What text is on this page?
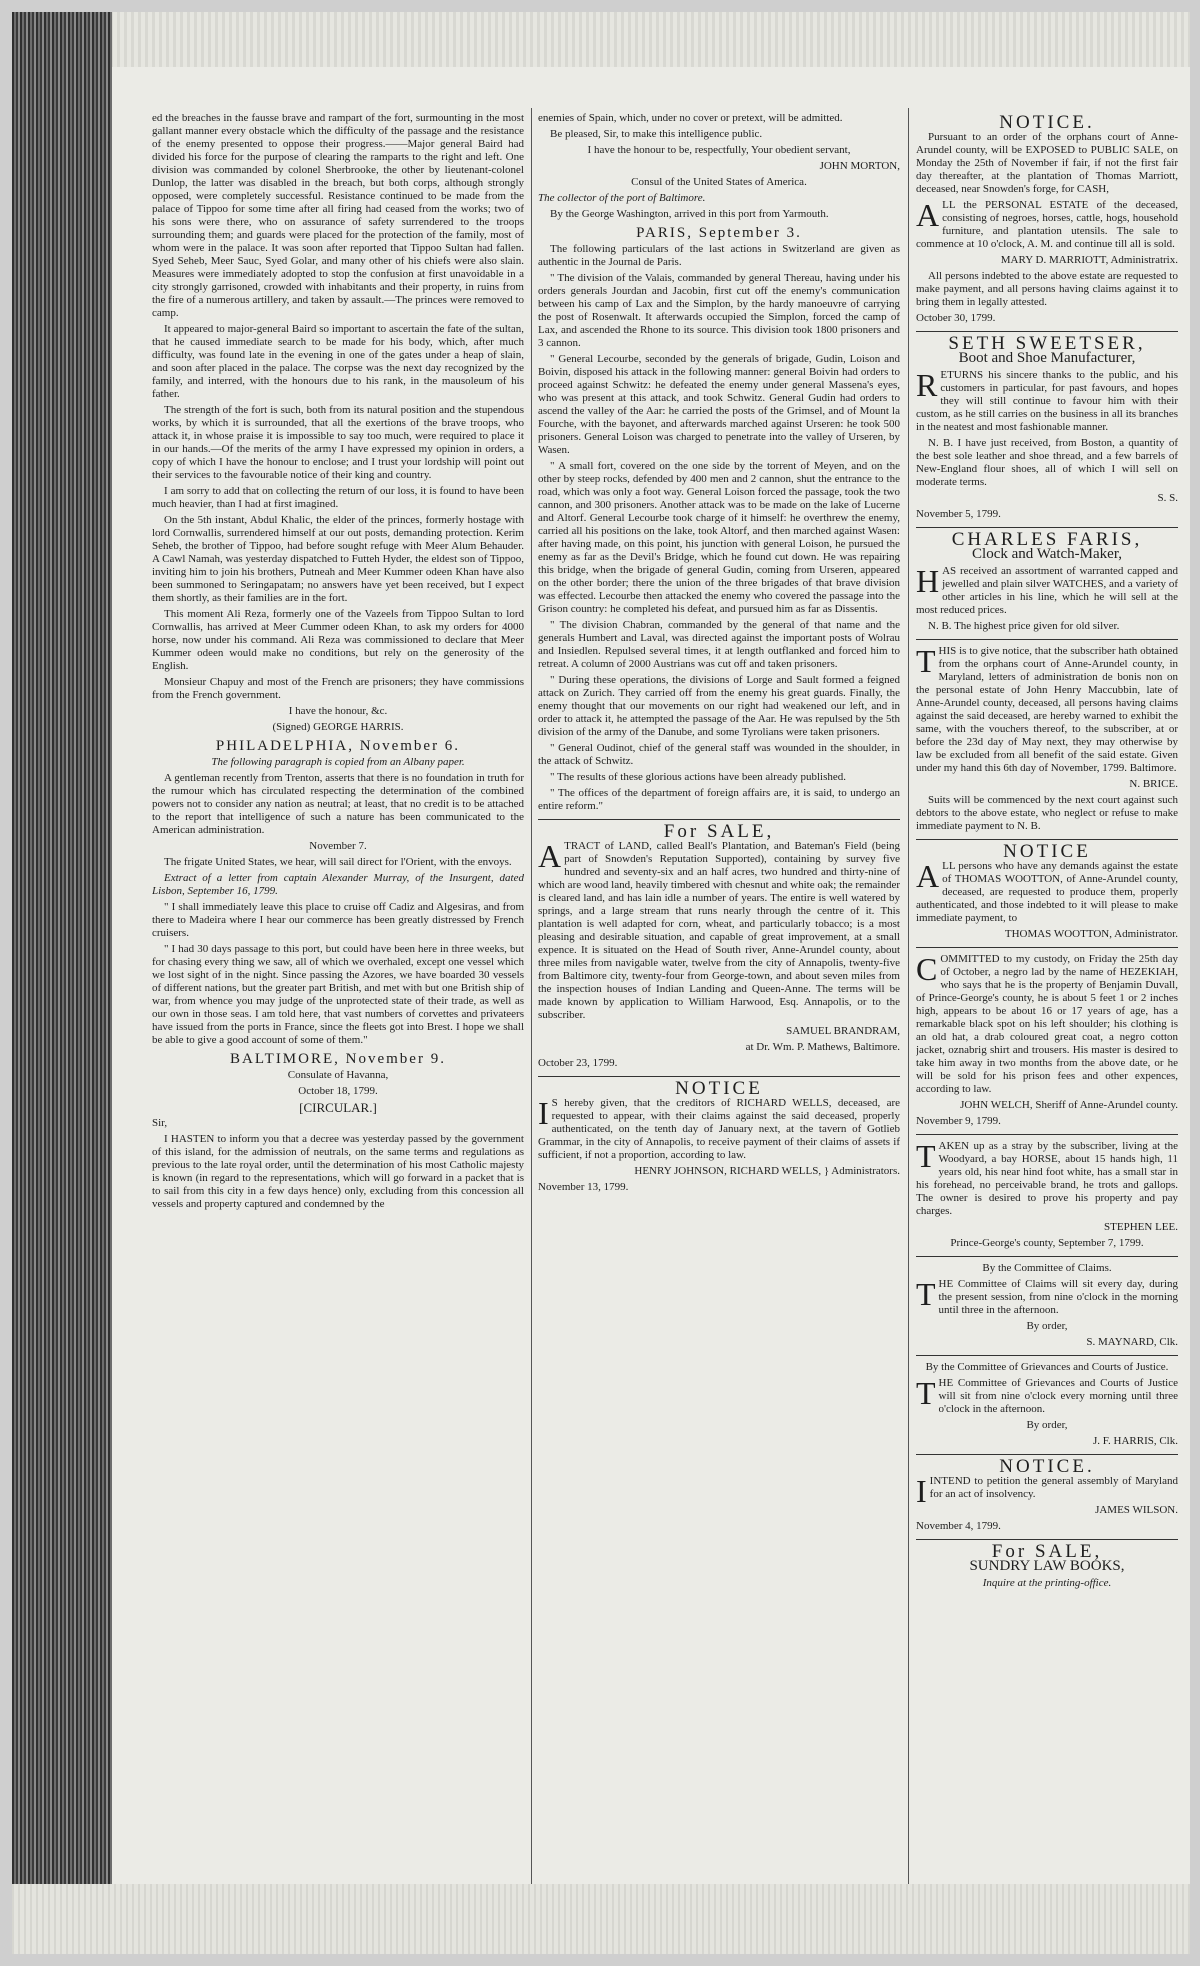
ed the breaches in the fausse brave and rampart of the fort, surmounting in the most gallant manner every obstacle which the difficulty of the passage and the resistance of the enemy presented to oppose their progress.——Major general Baird had divided his force for the purpose of clearing the ramparts to the right and left. One division was commanded by colonel Sherbrooke, the other by lieutenant-colonel Dunlop, the latter was disabled in the breach, but both corps, although strongly opposed, were completely successful. Resistance continued to be made from the palace of Tippoo for some time after all firing had ceased from the works; two of his sons were there, who on assurance of safety surrendered to the troops surrounding them; and guards were placed for the protection of the family, most of whom were in the palace. It was soon after reported that Tippoo Sultan had fallen. Syed Seheb, Meer Sauc, Syed Golar, and many other of his chiefs were also slain. Measures were immediately adopted to stop the confusion at first unavoidable in a city strongly garrisoned, crowded with inhabitants and their property, in ruins from the fire of a numerous artillery, and taken by assault.—The princes were removed to camp.

It appeared to major-general Baird so important to ascertain the fate of the sultan, that he caused immediate search to be made for his body, which, after much difficulty, was found late in the evening in one of the gates under a heap of slain, and soon after placed in the palace. The corpse was the next day recognized by the family, and interred, with the honours due to his rank, in the mausoleum of his father.

The strength of the fort is such, both from its natural position and the stupendous works, by which it is surrounded, that all the exertions of the brave troops, who attack it, in whose praise it is impossible to say too much, were required to place it in our hands.—Of the merits of the army I have expressed my opinion in orders, a copy of which I have the honour to enclose; and I trust your lordship will point out their services to the favourable notice of their king and country.

I am sorry to add that on collecting the return of our loss, it is found to have been much heavier, than I had at first imagined.

On the 5th instant, Abdul Khalic, the elder of the princes, formerly hostage with lord Cornwallis, surrendered himself at our out posts, demanding protection. Kerim Seheb, the brother of Tippoo, had before sought refuge with Meer Alum Behauder. A Cawl Namah, was yesterday dispatched to Futteh Hyder, the eldest son of Tippoo, inviting him to join his brothers, Putneah and Meer Kummer odeen Khan have also been summoned to Seringapatam; no answers have yet been received, but I expect them shortly, as their families are in the fort.

This moment Ali Reza, formerly one of the Vazeels from Tippoo Sultan to lord Cornwallis, has arrived at Meer Cummer odeen Khan, to ask my orders for 4000 horse, now under his command. Ali Reza was commissioned to declare that Meer Kummer odeen would make no conditions, but rely on the generosity of the English.

Monsieur Chapuy and most of the French are prisoners; they have commissions from the French government.

I have the honour, &c.

(Signed) GEORGE HARRIS.

PHILADELPHIA, November 6.

The following paragraph is copied from an Albany paper.

A gentleman recently from Trenton, asserts that there is no foundation in truth for the rumour which has circulated respecting the determination of the combined powers not to consider any nation as neutral; at least, that no credit is to be attached to the report that intelligence of such a nature has been communicated to the American administration.

November 7.

The frigate United States, we hear, will sail direct for l'Orient, with the envoys.

Extract of a letter from captain Alexander Murray, of the Insurgent, dated Lisbon, September 16, 1799.

" I shall immediately leave this place to cruise off Cadiz and Algesiras, and from there to Madeira where I hear our commerce has been greatly distressed by French cruisers.

" I had 30 days passage to this port, but could have been here in three weeks, but for chasing every thing we saw, all of which we overhaled, except one vessel which we lost sight of in the night. Since passing the Azores, we have boarded 30 vessels of different nations, but the greater part British, and met with but one British ship of war, from whence you may judge of the unprotected state of their trade, as well as our own in those seas. I am told here, that vast numbers of corvettes and privateers have issued from the ports in France, since the fleets got into Brest. I hope we shall be able to give a good account of some of them."

BALTIMORE, November 9.

Consulate of Havanna,

October 18, 1799.

[CIRCULAR.]

Sir,

I HASTEN to inform you that a decree was yesterday passed by the government of this island, for the admission of neutrals, on the same terms and regulations as previous to the late royal order, until the determination of his most Catholic majesty is known (in regard to the representations, which will go forward in a packet that is to sail from this city in a few days hence) only, excluding from this concession all vessels and property captured and condemned by the

enemies of Spain, which, under no cover or pretext, will be admitted.

Be pleased, Sir, to make this intelligence public.

I have the honour to be, respectfully, Your obedient servant,

JOHN MORTON,

Consul of the United States of America.

The collector of the port of Baltimore.

By the George Washington, arrived in this port from Yarmouth.

PARIS, September 3.

The following particulars of the last actions in Switzerland are given as authentic in the Journal de Paris.

" The division of the Valais, commanded by general Thereau, having under his orders generals Jourdan and Jacobin, first cut off the enemy's communication between his camp of Lax and the Simplon, by the hardy manoeuvre of carrying the post of Rosenwalt. It afterwards occupied the Simplon, forced the camp of Lax, and ascended the Rhone to its source. This division took 1800 prisoners and 3 cannon.

" General Lecourbe, seconded by the generals of brigade, Gudin, Loison and Boivin, disposed his attack in the following manner: general Boivin had orders to proceed against Schwitz: he defeated the enemy under general Massena's eyes, who was present at this attack, and took Schwitz. General Gudin had orders to ascend the valley of the Aar: he carried the posts of the Grimsel, and of Mount la Fourche, with the bayonet, and afterwards marched against Urseren: he took 500 prisoners. General Loison was charged to penetrate into the valley of Urseren, by Wasen.

" A small fort, covered on the one side by the torrent of Meyen, and on the other by steep rocks, defended by 400 men and 2 cannon, shut the entrance to the road, which was only a foot way. General Loison forced the passage, took the two cannon, and 300 prisoners. Another attack was to be made on the lake of Lucerne and Altorf. General Lecourbe took charge of it himself: he overthrew the enemy, carried all his positions on the lake, took Altorf, and then marched against Wasen: after having made, on this point, his junction with general Loison, he pursued the enemy as far as the Devil's Bridge, which he found cut down. He was repairing this bridge, when the brigade of general Gudin, coming from Urseren, appeared on the other border; there the union of the three brigades of that brave division was effected. Lecourbe then attacked the enemy who covered the passage into the Grison country: he completed his defeat, and pursued him as far as Dissentis.

" The division Chabran, commanded by the general of that name and the generals Humbert and Laval, was directed against the important posts of Wolrau and Insiedlen. Repulsed several times, it at length outflanked and forced him to retreat. A column of 2000 Austrians was cut off and taken prisoners.

" During these operations, the divisions of Lorge and Sault formed a feigned attack on Zurich. They carried off from the enemy his great guards. Finally, the enemy thought that our movements on our right had weakened our left, and in order to attack it, he attempted the passage of the Aar. He was repulsed by the 5th division of the army of the Danube, and some Tyrolians were taken prisoners.

" General Oudinot, chief of the general staff was wounded in the shoulder, in the attack of Schwitz.

" The results of these glorious actions have been already published.

" The offices of the department of foreign affairs are, it is said, to undergo an entire reform."

For SALE,

ATRACT of LAND, called Beall's Plantation, and Bateman's Field (being part of Snowden's Reputation Supported), containing by survey five hundred and seventy-six and an half acres, two hundred and thirty-nine of which are wood land, heavily timbered with chesnut and white oak; the remainder is cleared land, and has lain idle a number of years. The entire is well watered by springs, and a large stream that runs nearly through the centre of it. This plantation is well adapted for corn, wheat, and particularly tobacco; is a most pleasing and desirable situation, and capable of great improvement, at a small expence. It is situated on the Head of South river, Anne-Arundel county, about three miles from navigable water, twelve from the city of Annapolis, twenty-five from Baltimore city, twenty-four from George-town, and about seven miles from the inspection houses of Indian Landing and Queen-Anne. The terms will be made known by application to William Harwood, Esq. Annapolis, or to the subscriber.

SAMUEL BRANDRAM,

at Dr. Wm. P. Mathews, Baltimore.

October 23, 1799.

NOTICE

I S hereby given, that the creditors of RICHARD WELLS, deceased, are requested to appear, with their claims against the said deceased, properly authenticated, on the tenth day of January next, at the tavern of Gotlieb Grammar, in the city of Annapolis, to receive payment of their claims of assets if sufficient, if not a proportion, according to law.

HENRY JOHNSON, RICHARD WELLS, } Administrators.

November 13, 1799.

NOTICE.

Pursuant to an order of the orphans court of Anne-Arundel county, will be EXPOSED to PUBLIC SALE, on Monday the 25th of November if fair, if not the first fair day thereafter, at the plantation of Thomas Marriott, deceased, near Snowden's forge, for CASH,

ALL the PERSONAL ESTATE of the deceased, consisting of negroes, horses, cattle, hogs, household furniture, and plantation utensils. The sale to commence at 10 o'clock, A. M. and continue till all is sold.

MARY D. MARRIOTT, Administratrix.

All persons indebted to the above estate are requested to make payment, and all persons having claims against it to bring them in legally attested.

October 30, 1799.

SETH SWEETSER,
Boot and Shoe Manufacturer,

RETURNS his sincere thanks to the public, and his customers in particular, for past favours, and hopes they will still continue to favour him with their custom, as he still carries on the business in all its branches in the neatest and most fashionable manner.

N. B. I have just received, from Boston, a quantity of the best sole leather and shoe thread, and a few barrels of New-England flour shoes, all of which I will sell on moderate terms.

S. S.

November 5, 1799.

CHARLES FARIS,
Clock and Watch-Maker,

HAS received an assortment of warranted capped and jewelled and plain silver WATCHES, and a variety of other articles in his line, which he will sell at the most reduced prices.

N. B. The highest price given for old silver.

THIS is to give notice, that the subscriber hath obtained from the orphans court of Anne-Arundel county, in Maryland, letters of administration de bonis non on the personal estate of John Henry Maccubbin, late of Anne-Arundel county, deceased, all persons having claims against the said deceased, are hereby warned to exhibit the same, with the vouchers thereof, to the subscriber, at or before the 23d day of May next, they may otherwise by law be excluded from all benefit of the said estate. Given under my hand this 6th day of November, 1799. Baltimore.

N. BRICE.

Suits will be commenced by the next court against such debtors to the above estate, who neglect or refuse to make immediate payment to N. B.

NOTICE

ALL persons who have any demands against the estate of THOMAS WOOTTON, of Anne-Arundel county, deceased, are requested to produce them, properly authenticated, and those indebted to it will please to make immediate payment, to

THOMAS WOOTTON, Administrator.

COMMITTED to my custody, on Friday the 25th day of October, a negro lad by the name of HEZEKIAH, who says that he is the property of Benjamin Duvall, of Prince-George's county, he is about 5 feet 1 or 2 inches high, appears to be about 16 or 17 years of age, has a remarkable black spot on his left shoulder; his clothing is an old hat, a drab coloured great coat, a negro cotton jacket, oznabrig shirt and trousers. His master is desired to take him away in two months from the above date, or he will be sold for his prison fees and other expences, according to law.

JOHN WELCH, Sheriff of Anne-Arundel county.

November 9, 1799.

TAKEN up as a stray by the subscriber, living at the Woodyard, a bay HORSE, about 15 hands high, 11 years old, his near hind foot white, has a small star in his forehead, no perceivable brand, he trots and gallops. The owner is desired to prove his property and pay charges.

STEPHEN LEE.

Prince-George's county, September 7, 1799.

By the Committee of Claims.

THE Committee of Claims will sit every day, during the present session, from nine o'clock in the morning until three in the afternoon.

By order,

S. MAYNARD, Clk.

By the Committee of Grievances and Courts of Justice.

THE Committee of Grievances and Courts of Justice will sit from nine o'clock every morning until three o'clock in the afternoon.

By order,

J. F. HARRIS, Clk.

NOTICE.

IINTEND to petition the general assembly of Maryland for an act of insolvency.

JAMES WILSON.

November 4, 1799.

For SALE,
SUNDRY LAW BOOKS,

Inquire at the printing-office.
